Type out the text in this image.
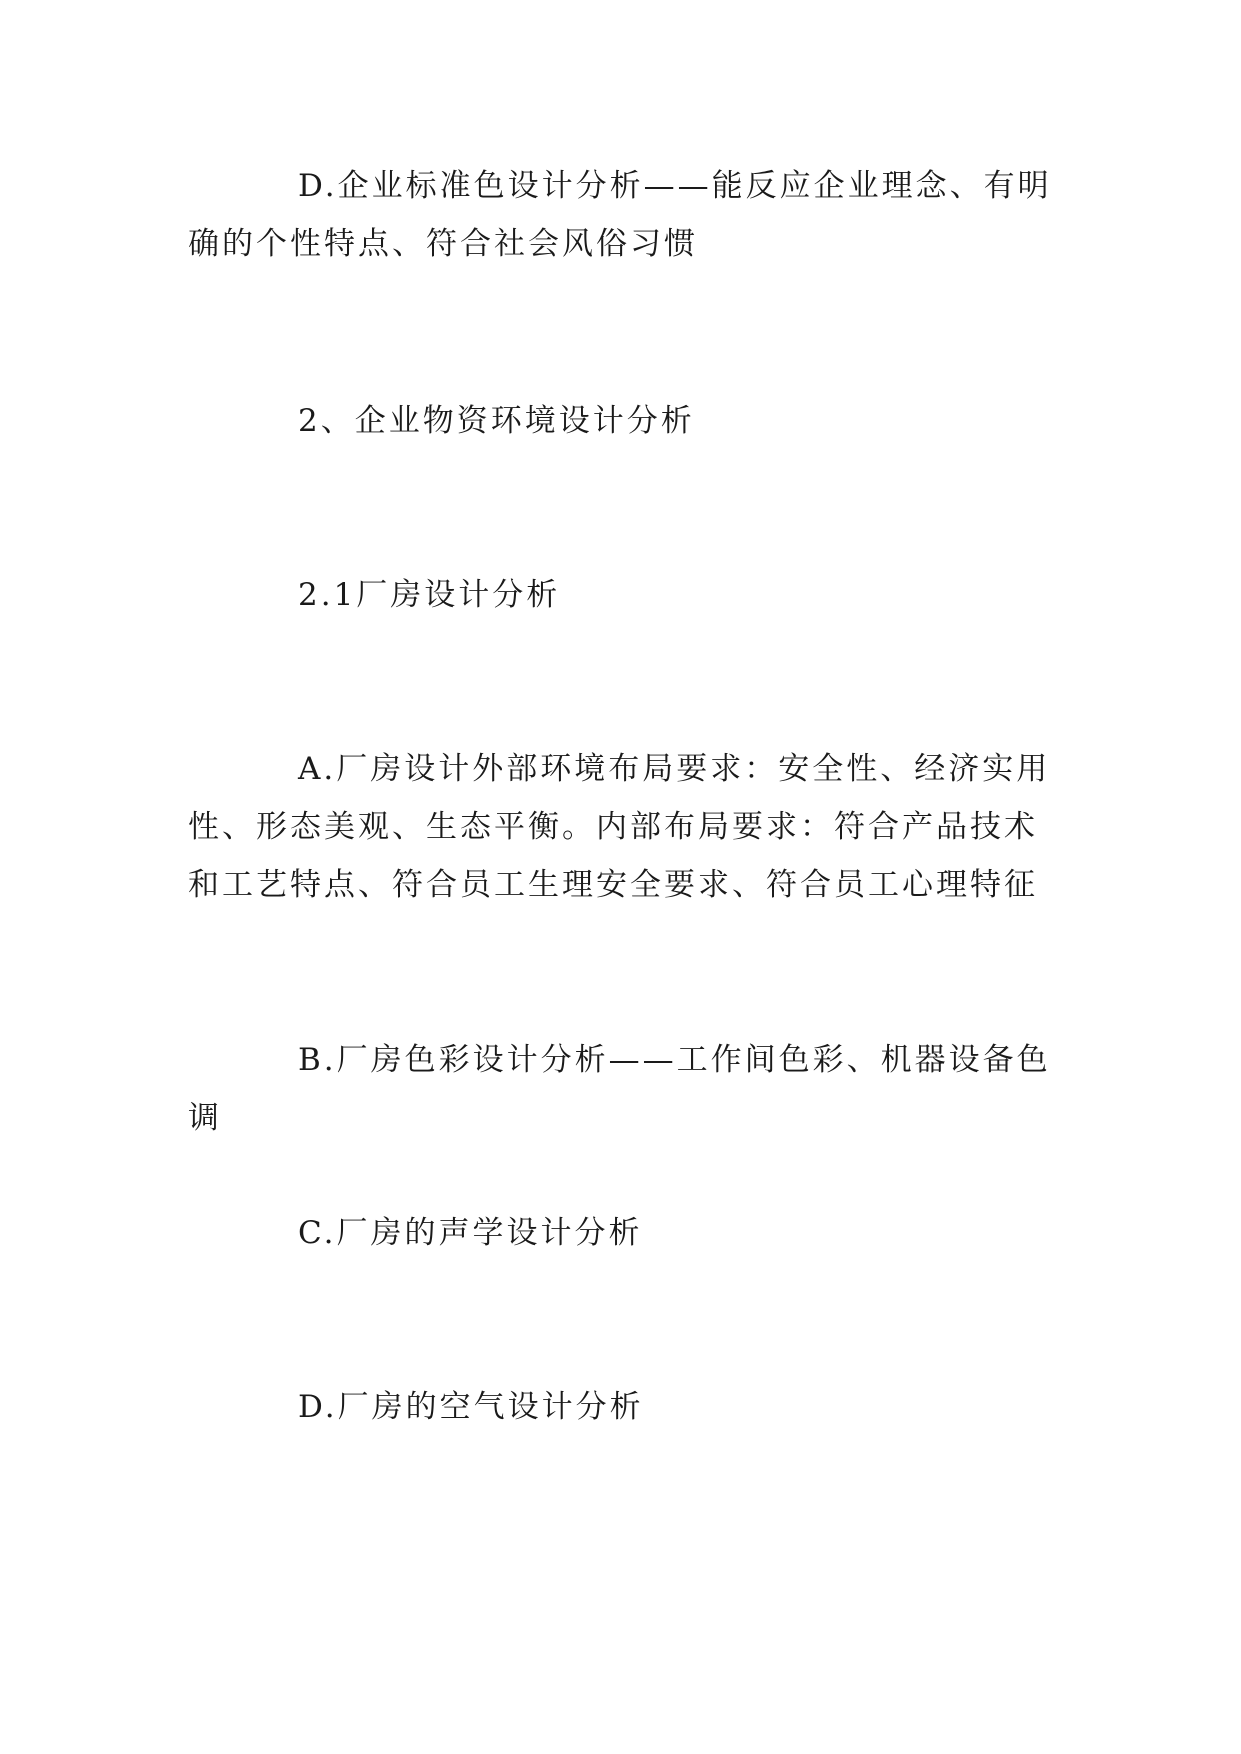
D.企业标准色设计分析——能反应企业理念、有明确的个性特点、符合社会风俗习惯

2、企业物资环境设计分析

2.1厂房设计分析

A.厂房设计外部环境布局要求：安全性、经济实用性、形态美观、生态平衡。内部布局要求：符合产品技术和工艺特点、符合员工生理安全要求、符合员工心理特征

B.厂房色彩设计分析——工作间色彩、机器设备色调

C.厂房的声学设计分析

D.厂房的空气设计分析
